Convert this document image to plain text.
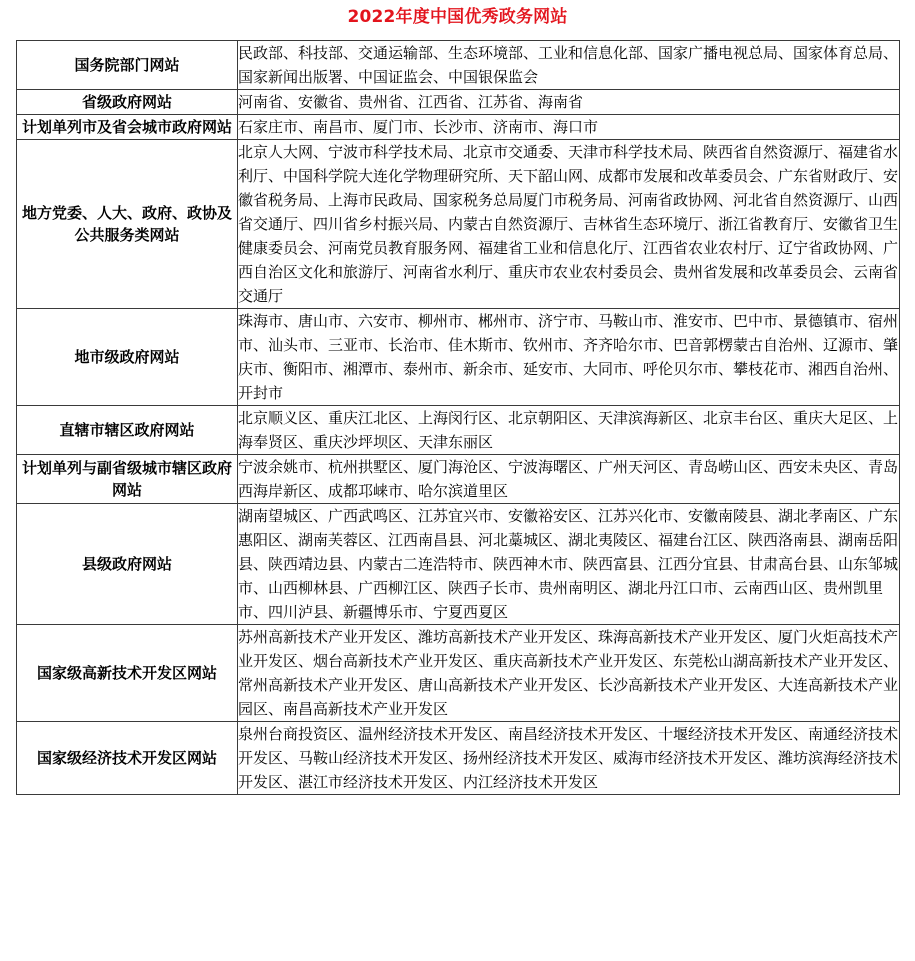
2022年度中国优秀政务网站
国务院部门网站	民政部、科技部、交通运输部、生态环境部、工业和信息化部、国家广播电视总局、国家体育总局、国家新闻出版署、中国证监会、中国银保监会

省级政府网站	河南省、安徽省、贵州省、江西省、江苏省、海南省

计划单列市及省会城市政府网站	石家庄市、南昌市、厦门市、长沙市、济南市、海口市

地方党委、人大、政府、政协及公共服务类网站	北京人大网、宁波市科学技术局、北京市交通委、天津市科学技术局、陕西省自然资源厅、福建省水利厅、中国科学院大连化学物理研究所、天下韶山网、成都市发展和改革委员会、广东省财政厅、安徽省税务局、上海市民政局、国家税务总局厦门市税务局、河南省政协网、河北省自然资源厅、山西省交通厅、四川省乡村振兴局、内蒙古自然资源厅、吉林省生态环境厅、浙江省教育厅、安徽省卫生健康委员会、河南党员教育服务网、福建省工业和信息化厅、江西省农业农村厅、辽宁省政协网、广西自治区文化和旅游厅、河南省水利厅、重庆市农业农村委员会、贵州省发展和改革委员会、云南省交通厅

地市级政府网站	珠海市、唐山市、六安市、柳州市、郴州市、济宁市、马鞍山市、淮安市、巴中市、景德镇市、宿州市、汕头市、三亚市、长治市、佳木斯市、钦州市、齐齐哈尔市、巴音郭楞蒙古自治州、辽源市、肇庆市、衡阳市、湘潭市、泰州市、新余市、延安市、大同市、呼伦贝尔市、攀枝花市、湘西自治州、开封市

直辖市辖区政府网站	北京顺义区、重庆江北区、上海闵行区、北京朝阳区、天津滨海新区、北京丰台区、重庆大足区、上海奉贤区、重庆沙坪坝区、天津东丽区

计划单列与副省级城市辖区政府网站	宁波余姚市、杭州拱墅区、厦门海沧区、宁波海曙区、广州天河区、青岛崂山区、西安未央区、青岛西海岸新区、成都邛崃市、哈尔滨道里区

县级政府网站	湖南望城区、广西武鸣区、江苏宜兴市、安徽裕安区、江苏兴化市、安徽南陵县、湖北孝南区、广东惠阳区、湖南芙蓉区、江西南昌县、河北藁城区、湖北夷陵区、福建台江区、陕西洛南县、湖南岳阳县、陕西靖边县、内蒙古二连浩特市、陕西神木市、陕西富县、江西分宜县、甘肃高台县、山东邹城市、山西柳林县、广西柳江区、陕西子长市、贵州南明区、湖北丹江口市、云南西山区、贵州凯里市、四川泸县、新疆博乐市、宁夏西夏区

国家级高新技术开发区网站	苏州高新技术产业开发区、潍坊高新技术产业开发区、珠海高新技术产业开发区、厦门火炬高技术产业开发区、烟台高新技术产业开发区、重庆高新技术产业开发区、东莞松山湖高新技术产业开发区、常州高新技术产业开发区、唐山高新技术产业开发区、长沙高新技术产业开发区、大连高新技术产业园区、南昌高新技术产业开发区

国家级经济技术开发区网站	泉州台商投资区、温州经济技术开发区、南昌经济技术开发区、十堰经济技术开发区、南通经济技术开发区、马鞍山经济技术开发区、扬州经济技术开发区、威海市经济技术开发区、潍坊滨海经济技术开发区、湛江市经济技术开发区、内江经济技术开发区
